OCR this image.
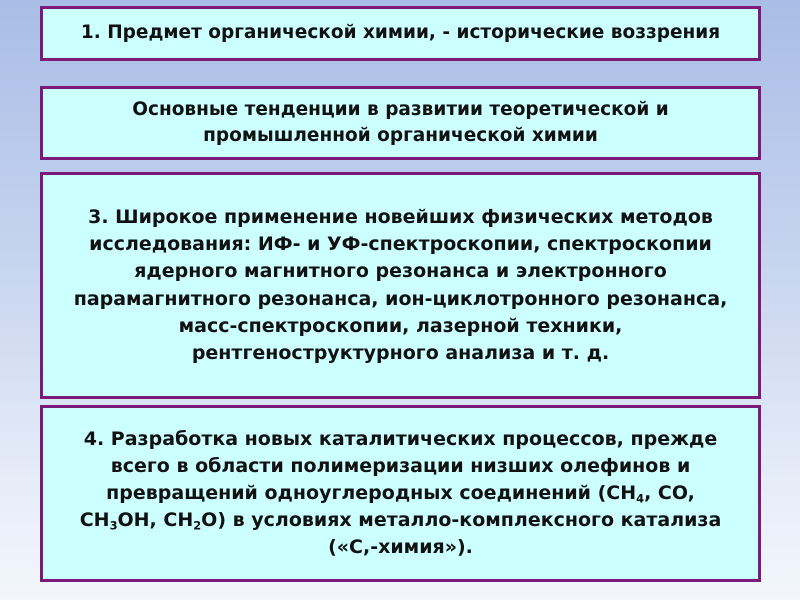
1. Предмет органической химии, - исторические воззрения

Основные тенденции в развитии теоретической и
промышленной органической химии

3. Широкое применение новейших физических методов
исследования: ИФ- и УФ-спектроскопии, спектроскопии
ядерного магнитного резонанса и электронного
парамагнитного резонанса, ион-циклотронного резонанса,
масс-спектроскопии, лазерной техники,
рентгеноструктурного анализа и т. д.

4. Разработка новых каталитических процессов, прежде
всего в области полимеризации низших олефинов и
превращений одноуглеродных соединений ($CH_4$, CO,
$CH_3OH$, $CH_2O$) в условиях металло-комплексного катализа
(«С,-химия»).
